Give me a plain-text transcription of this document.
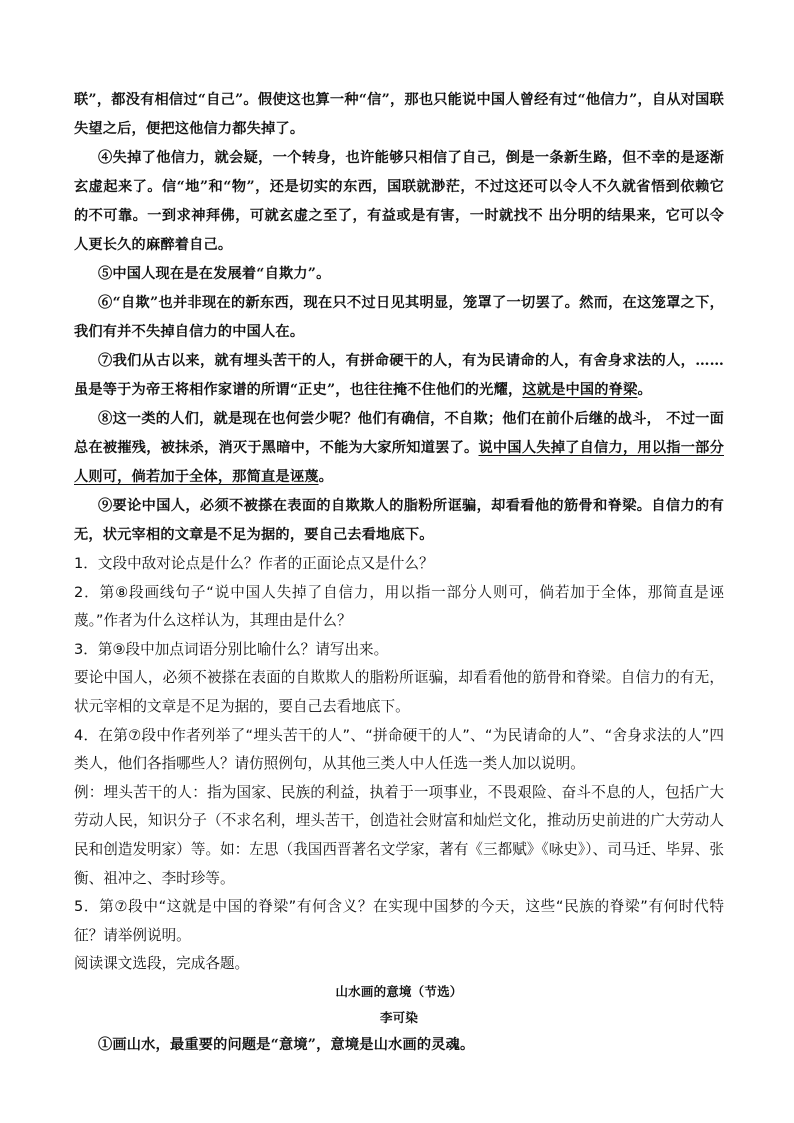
联”，都没有相信过“自己”。假使这也算一种“信”，那也只能说中国人曾经有过“他信力”，自从对国联失望之后，便把这他信力都失掉了。

④失掉了他信力，就会疑，一个转身，也许能够只相信了自己，倒是一条新生路，但不幸的是逐渐玄虚起来了。信“地”和“物”，还是切实的东西，国联就渺茫，不过这还可以令人不久就省悟到依赖它的不可靠。一到求神拜佛，可就玄虚之至了，有益或是有害，一时就找不 出分明的结果来，它可以令人更长久的麻醉着自己。

⑤中国人现在是在发展着“自欺力”。

⑥“自欺”也并非现在的新东西，现在只不过日见其明显，笼罩了一切罢了。然而，在这笼罩之下，我们有并不失掉自信力的中国人在。

⑦我们从古以来，就有埋头苦干的人，有拼命硬干的人，有为民请命的人，有舍身求法的人，……虽是等于为帝王将相作家谱的所谓“正史”，也往往掩不住他们的光耀，这就是中国的脊梁。

⑧这一类的人们，就是现在也何尝少呢？他们有确信，不自欺；他们在前仆后继的战斗， 不过一面总在被摧残，被抹杀，消灭于黑暗中，不能为大家所知道罢了。说中国人失掉了自信力，用以指一部分人则可，倘若加于全体，那简直是诬蔑。

⑨要论中国人，必须不被搽在表面的自欺欺人的脂粉所诓骗，却看看他的筋骨和脊梁。自信力的有无，状元宰相的文章是不足为据的，要自己去看地底下。

1．文段中敌对论点是什么？作者的正面论点又是什么？

2．第⑧段画线句子“说中国人失掉了自信力，用以指一部分人则可，倘若加于全体，那简直是诬蔑。”作者为什么这样认为，其理由是什么？

3．第⑨段中加点词语分别比喻什么？请写出来。

要论中国人，必须不被搽在表面的自欺欺人的脂粉所诓骗，却看看他的筋骨和脊梁。自信力的有无，状元宰相的文章是不足为据的，要自己去看地底下。

4．在第⑦段中作者列举了“埋头苦干的人”、“拼命硬干的人”、“为民请命的人”、“舍身求法的人”四类人，他们各指哪些人？请仿照例句，从其他三类人中人任选一类人加以说明。

例：埋头苦干的人：指为国家、民族的利益，执着于一项事业，不畏艰险、奋斗不息的人，包括广大劳动人民，知识分子（不求名利，埋头苦干，创造社会财富和灿烂文化，推动历史前进的广大劳动人民和创造发明家）等。如：左思（我国西晋著名文学家，著有《三都赋》《咏史》）、司马迁、毕昇、张衡、祖冲之、李时珍等。

5．第⑦段中“这就是中国的脊梁”有何含义？在实现中国梦的今天，这些“民族的脊梁”有何时代特征？请举例说明。

阅读课文选段，完成各题。

山水画的意境（节选）

李可染

①画山水，最重要的问题是“意境”，意境是山水画的灵魂。
